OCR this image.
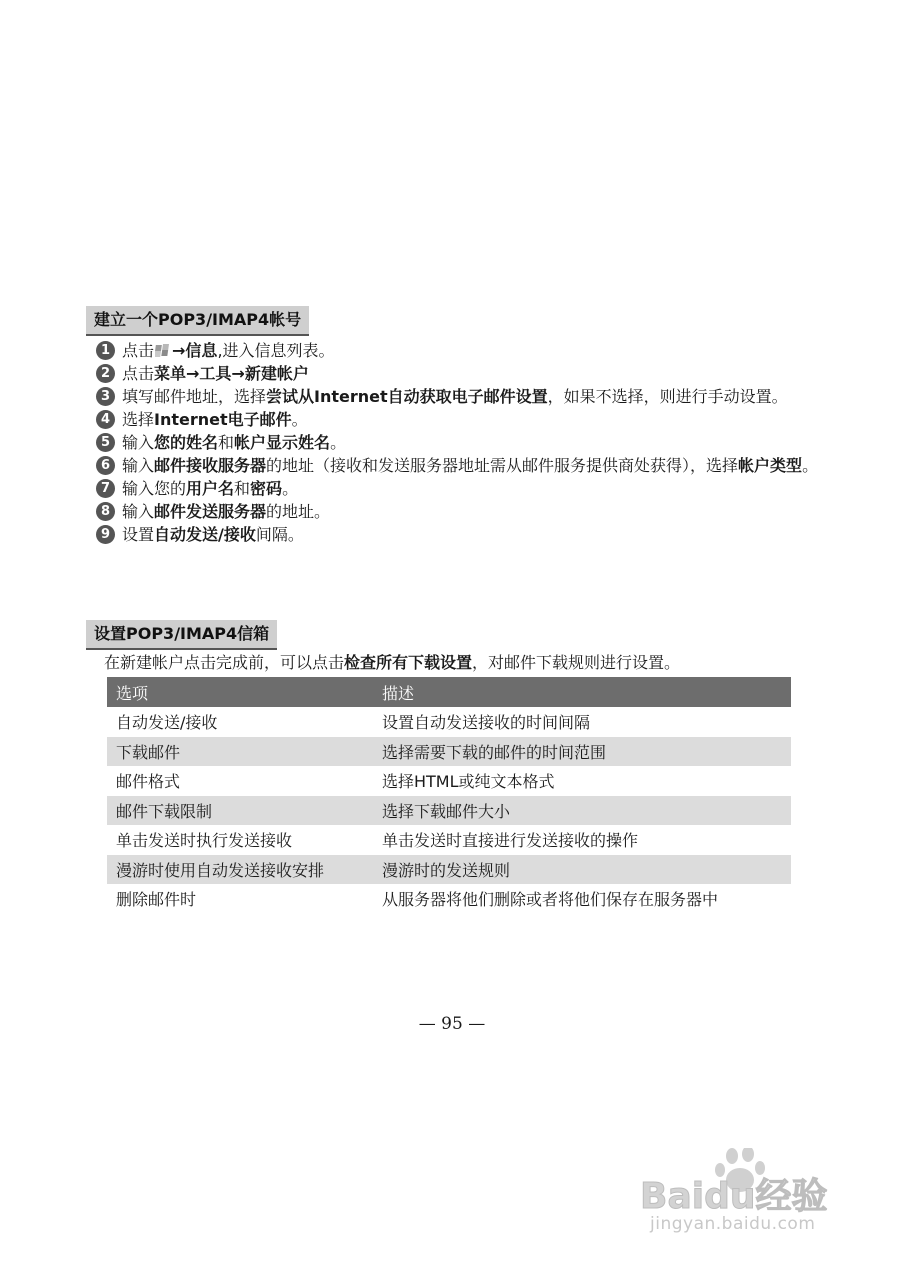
建立一个POP3/IMAP4帐号
1 点击 →信息,进入信息列表。
2 点击菜单→工具→新建帐户
3 填写邮件地址，选择尝试从Internet自动获取电子邮件设置，如果不选择，则进行手动设置。
4 选择Internet电子邮件。
5 输入您的姓名和帐户显示姓名。
6 输入邮件接收服务器的地址（接收和发送服务器地址需从邮件服务提供商处获得），选择帐户类型。
7 输入您的用户名和密码。
8 输入邮件发送服务器的地址。
9 设置自动发送/接收间隔。
设置POP3/IMAP4信箱
在新建帐户点击完成前，可以点击检查所有下载设置，对邮件下载规则进行设置。
选项	描述
自动发送/接收	设置自动发送接收的时间间隔
下载邮件	选择需要下载的邮件的时间范围
邮件格式	选择HTML或纯文本格式
邮件下载限制	选择下载邮件大小
单击发送时执行发送接收	单击发送时直接进行发送接收的操作
漫游时使用自动发送接收安排	漫游时的发送规则
删除邮件时	从服务器将他们删除或者将他们保存在服务器中
— 95 —
Baidu经验
jingyan.baidu.com
